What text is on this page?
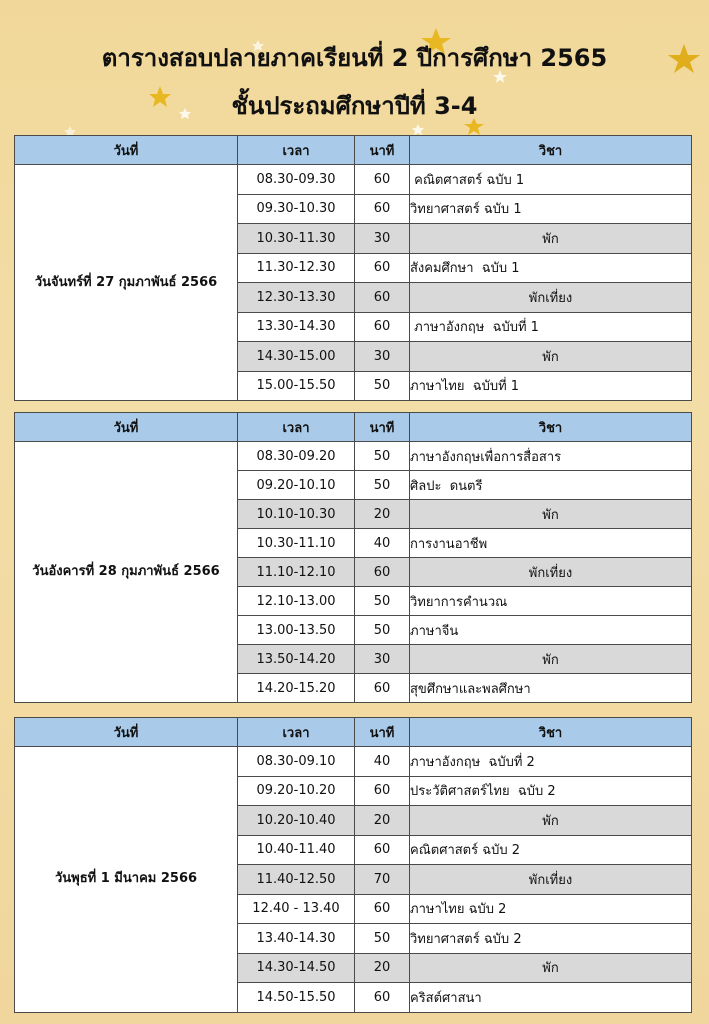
ตารางสอบปลายภาคเรียนที่ 2 ปีการศึกษา 2565
ชั้นประถมศึกษาปีที่ 3-4
วันที่	เวลา	นาที	วิชา
วันจันทร์ที่ 27 กุมภาพันธ์ 2566	08.30-09.30	60	คณิตศาสตร์ ฉบับ 1
	09.30-10.30	60	วิทยาศาสตร์ ฉบับ 1
	10.30-11.30	30	พัก
	11.30-12.30	60	สังคมศึกษา  ฉบับ 1
	12.30-13.30	60	พักเที่ยง
	13.30-14.30	60	ภาษาอังกฤษ  ฉบับที่ 1
	14.30-15.00	30	พัก
	15.00-15.50	50	ภาษาไทย  ฉบับที่ 1
วันที่	เวลา	นาที	วิชา
วันอังคารที่ 28 กุมภาพันธ์ 2566	08.30-09.20	50	ภาษาอังกฤษเพื่อการสื่อสาร
	09.20-10.10	50	ศิลปะ  ดนตรี
	10.10-10.30	20	พัก
	10.30-11.10	40	การงานอาชีพ
	11.10-12.10	60	พักเที่ยง
	12.10-13.00	50	วิทยาการคำนวณ
	13.00-13.50	50	ภาษาจีน
	13.50-14.20	30	พัก
	14.20-15.20	60	สุขศึกษาและพลศึกษา
วันที่	เวลา	นาที	วิชา
วันพุธที่ 1 มีนาคม 2566	08.30-09.10	40	ภาษาอังกฤษ  ฉบับที่ 2
	09.20-10.20	60	ประวัติศาสตร์ไทย  ฉบับ 2
	10.20-10.40	20	พัก
	10.40-11.40	60	คณิตศาสตร์ ฉบับ 2
	11.40-12.50	70	พักเที่ยง
	12.40 - 13.40	60	ภาษาไทย ฉบับ 2
	13.40-14.30	50	วิทยาศาสตร์ ฉบับ 2
	14.30-14.50	20	พัก
	14.50-15.50	60	คริสต์ศาสนา
